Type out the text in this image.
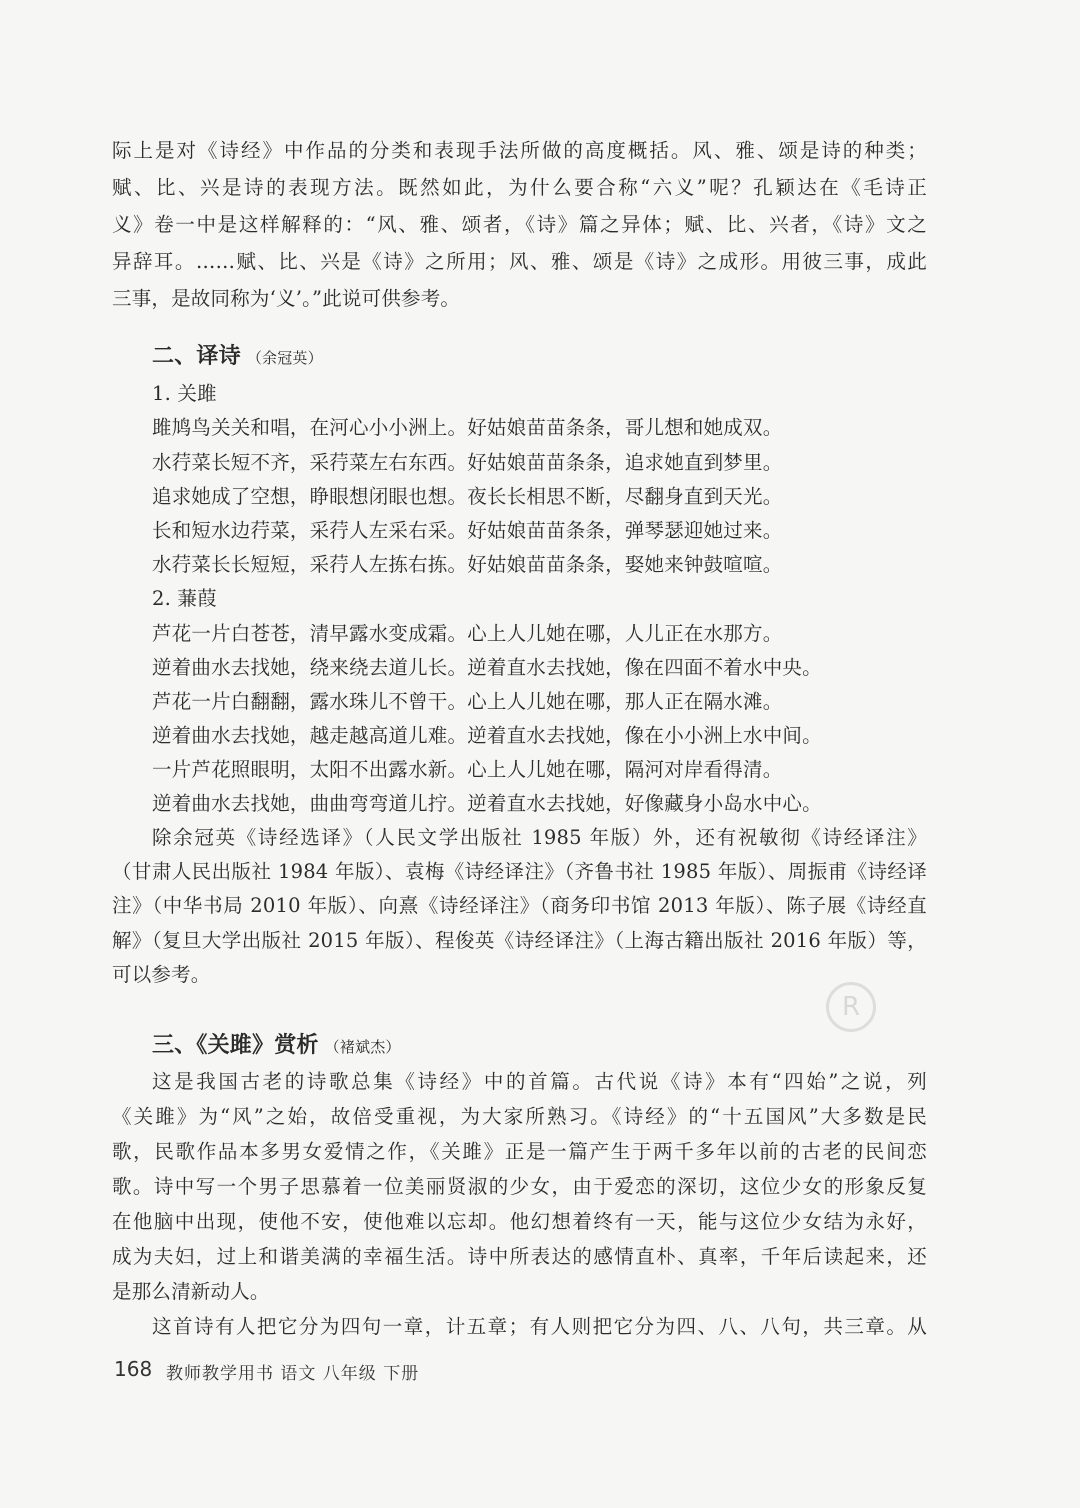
际上是对《诗经》中作品的分类和表现手法所做的高度概括。风、雅、颂是诗的种类；
赋、比、兴是诗的表现方法。既然如此，为什么要合称“六义”呢？孔颖达在《毛诗正
义》卷一中是这样解释的：“风、雅、颂者，《诗》篇之异体；赋、比、兴者，《诗》文之
异辞耳。……赋、比、兴是《诗》之所用；风、雅、颂是《诗》之成形。用彼三事，成此
三事，是故同称为‘义’。”此说可供参考。
二、译诗 （余冠英）
1. 关雎
雎鸠鸟关关和唱，在河心小小洲上。好姑娘苗苗条条，哥儿想和她成双。
水荇菜长短不齐，采荇菜左右东西。好姑娘苗苗条条，追求她直到梦里。
追求她成了空想，睁眼想闭眼也想。夜长长相思不断，尽翻身直到天光。
长和短水边荇菜，采荇人左采右采。好姑娘苗苗条条，弹琴瑟迎她过来。
水荇菜长长短短，采荇人左拣右拣。好姑娘苗苗条条，娶她来钟鼓喧喧。
2. 蒹葭
芦花一片白苍苍，清早露水变成霜。心上人儿她在哪，人儿正在水那方。
逆着曲水去找她，绕来绕去道儿长。逆着直水去找她，像在四面不着水中央。
芦花一片白翻翻，露水珠儿不曾干。心上人儿她在哪，那人正在隔水滩。
逆着曲水去找她，越走越高道儿难。逆着直水去找她，像在小小洲上水中间。
一片芦花照眼明，太阳不出露水新。心上人儿她在哪，隔河对岸看得清。
逆着曲水去找她，曲曲弯弯道儿拧。逆着直水去找她，好像藏身小岛水中心。
除余冠英《诗经选译》（人民文学出版社 1985 年版）外，还有祝敏彻《诗经译注》
（甘肃人民出版社 1984 年版）、袁梅《诗经译注》（齐鲁书社 1985 年版）、周振甫《诗经译
注》（中华书局 2010 年版）、向熹《诗经译注》（商务印书馆 2013 年版）、陈子展《诗经直
解》（复旦大学出版社 2015 年版）、程俊英《诗经译注》（上海古籍出版社 2016 年版）等，
可以参考。
R
三、《关雎》赏析 （褚斌杰）
这是我国古老的诗歌总集《诗经》中的首篇。古代说《诗》本有“四始”之说，列
《关雎》为“风”之始，故倍受重视，为大家所熟习。《诗经》的“十五国风”大多数是民
歌，民歌作品本多男女爱情之作，《关雎》正是一篇产生于两千多年以前的古老的民间恋
歌。诗中写一个男子思慕着一位美丽贤淑的少女，由于爱恋的深切，这位少女的形象反复
在他脑中出现，使他不安，使他难以忘却。他幻想着终有一天，能与这位少女结为永好，
成为夫妇，过上和谐美满的幸福生活。诗中所表达的感情直朴、真率，千年后读起来，还
是那么清新动人。
这首诗有人把它分为四句一章，计五章；有人则把它分为四、八、八句，共三章。从
168 教师教学用书 语文 八年级 下册
